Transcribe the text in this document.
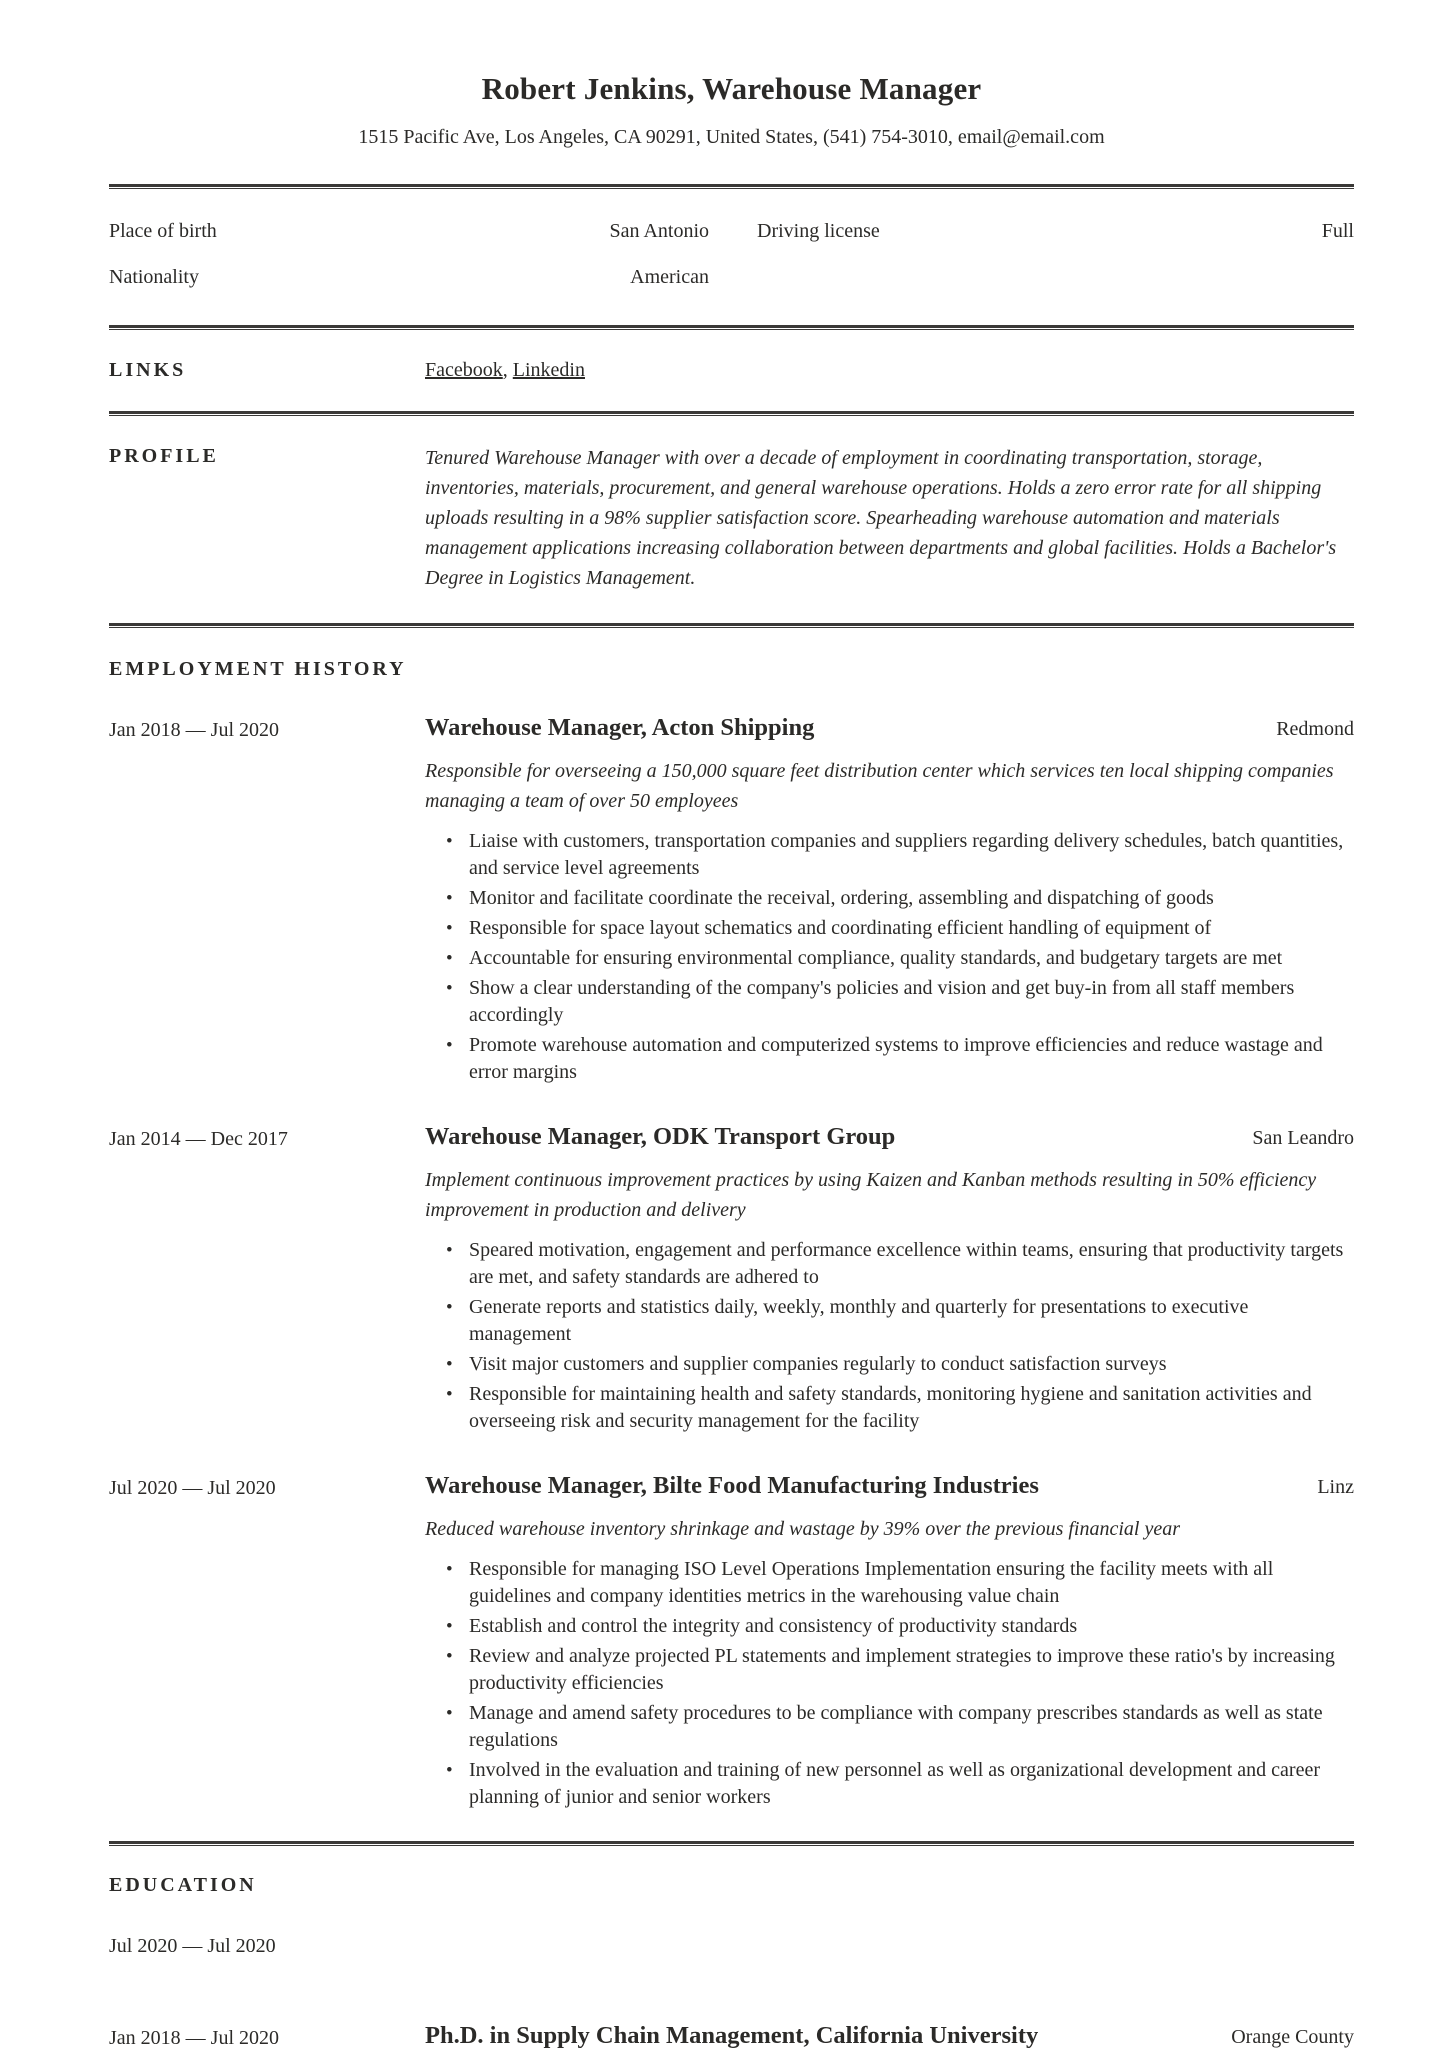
Robert Jenkins, Warehouse Manager

1515 Pacific Ave, Los Angeles, CA 90291, United States, (541) 754-3010, email@email.com

Place of birth	San Antonio Driving license	Full
Nationality	American
LINKS	Facebook, Linkedin
PROFILE	Tenured Warehouse Manager with over a decade of employment in coordinating transportation, storage, inventories, materials, procurement, and general warehouse operations. Holds a zero error rate for all shipping uploads resulting in a 98% supplier satisfaction score. Spearheading warehouse automation and materials management applications increasing collaboration between departments and global facilities. Holds a Bachelor's Degree in Logistics Management.

EMPLOYMENT HISTORY
Jan 2018 — Jul 2020	Warehouse Manager, Acton Shipping	Redmond

Responsible for overseeing a 150,000 square feet distribution center which services ten local shipping companies managing a team of over 50 employees

• Liaise with customers, transportation companies and suppliers regarding delivery schedules, batch quantities, and service level agreements
• Monitor and facilitate coordinate the receival, ordering, assembling and dispatching of goods
• Responsible for space layout schematics and coordinating efficient handling of equipment of
• Accountable for ensuring environmental compliance, quality standards, and budgetary targets are met
• Show a clear understanding of the company's policies and vision and get buy-in from all staff members accordingly
• Promote warehouse automation and computerized systems to improve efficiencies and reduce wastage and error margins
Jan 2014 — Dec 2017	Warehouse Manager, ODK Transport Group	San Leandro

Implement continuous improvement practices by using Kaizen and Kanban methods resulting in 50% efficiency improvement in production and delivery

• Speared motivation, engagement and performance excellence within teams, ensuring that productivity targets are met, and safety standards are adhered to
• Generate reports and statistics daily, weekly, monthly and quarterly for presentations to executive management
• Visit major customers and supplier companies regularly to conduct satisfaction surveys
• Responsible for maintaining health and safety standards, monitoring hygiene and sanitation activities and overseeing risk and security management for the facility
Jul 2020 — Jul 2020	Warehouse Manager, Bilte Food Manufacturing Industries	Linz

Reduced warehouse inventory shrinkage and wastage by 39% over the previous financial year

• Responsible for managing ISO Level Operations Implementation ensuring the facility meets with all guidelines and company identities metrics in the warehousing value chain
• Establish and control the integrity and consistency of productivity standards
• Review and analyze projected PL statements and implement strategies to improve these ratio's by increasing productivity efficiencies
• Manage and amend safety procedures to be compliance with company prescribes standards as well as state regulations
• Involved in the evaluation and training of new personnel as well as organizational development and career planning of junior and senior workers
EDUCATION
Jul 2020 — Jul 2020
Jan 2018 — Jul 2020	Ph.D. in Supply Chain Management, California University	Orange County
